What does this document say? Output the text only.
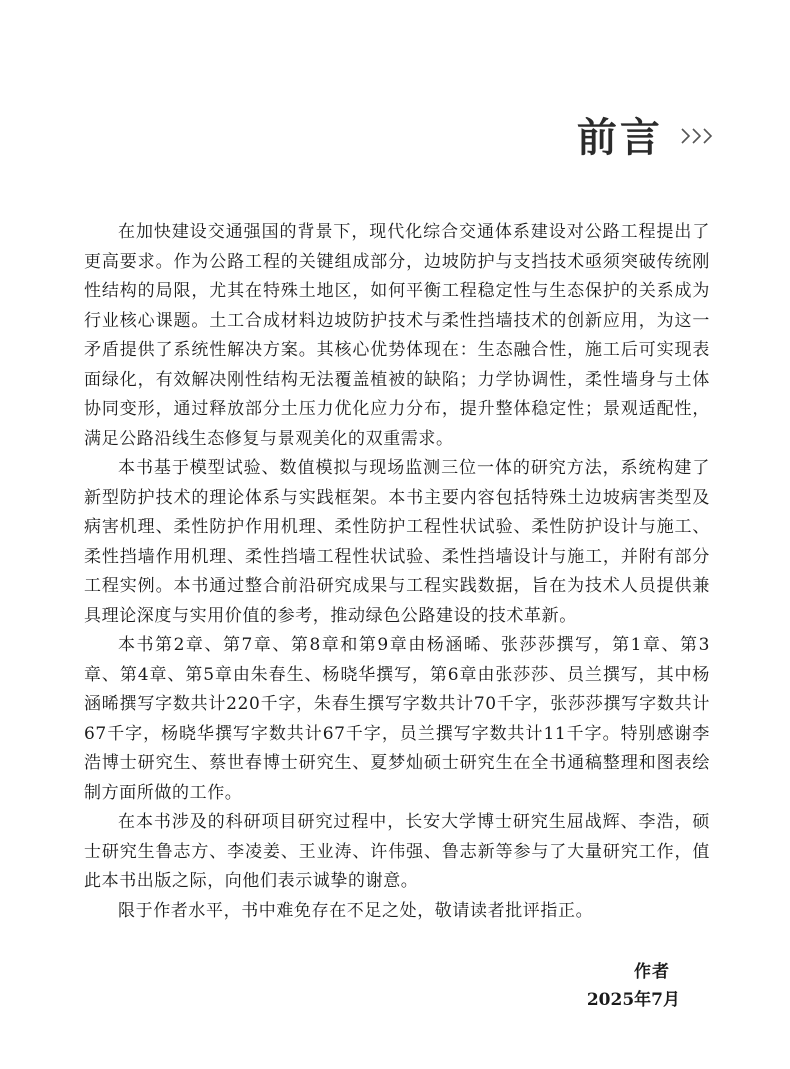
前言

在加快建设交通强国的背景下，现代化综合交通体系建设对公路工程提出了更高要求。作为公路工程的关键组成部分，边坡防护与支挡技术亟须突破传统刚性结构的局限，尤其在特殊土地区，如何平衡工程稳定性与生态保护的关系成为行业核心课题。土工合成材料边坡防护技术与柔性挡墙技术的创新应用，为这一矛盾提供了系统性解决方案。其核心优势体现在：生态融合性，施工后可实现表面绿化，有效解决刚性结构无法覆盖植被的缺陷；力学协调性，柔性墙身与土体协同变形，通过释放部分土压力优化应力分布，提升整体稳定性；景观适配性，满足公路沿线生态修复与景观美化的双重需求。

本书基于模型试验、数值模拟与现场监测三位一体的研究方法，系统构建了新型防护技术的理论体系与实践框架。本书主要内容包括特殊土边坡病害类型及病害机理、柔性防护作用机理、柔性防护工程性状试验、柔性防护设计与施工、柔性挡墙作用机理、柔性挡墙工程性状试验、柔性挡墙设计与施工，并附有部分工程实例。本书通过整合前沿研究成果与工程实践数据，旨在为技术人员提供兼具理论深度与实用价值的参考，推动绿色公路建设的技术革新。

本书第2章、第7章、第8章和第9章由杨涵晞、张莎莎撰写，第1章、第3章、第4章、第5章由朱春生、杨晓华撰写，第6章由张莎莎、员兰撰写，其中杨涵晞撰写字数共计220千字，朱春生撰写字数共计70千字，张莎莎撰写字数共计67千字，杨晓华撰写字数共计67千字，员兰撰写字数共计11千字。特别感谢李浩博士研究生、蔡世春博士研究生、夏梦灿硕士研究生在全书通稿整理和图表绘制方面所做的工作。

在本书涉及的科研项目研究过程中，长安大学博士研究生屈战辉、李浩，硕士研究生鲁志方、李凌姜、王业涛、许伟强、鲁志新等参与了大量研究工作，值此本书出版之际，向他们表示诚挚的谢意。

限于作者水平，书中难免存在不足之处，敬请读者批评指正。

作者
2025年7月
